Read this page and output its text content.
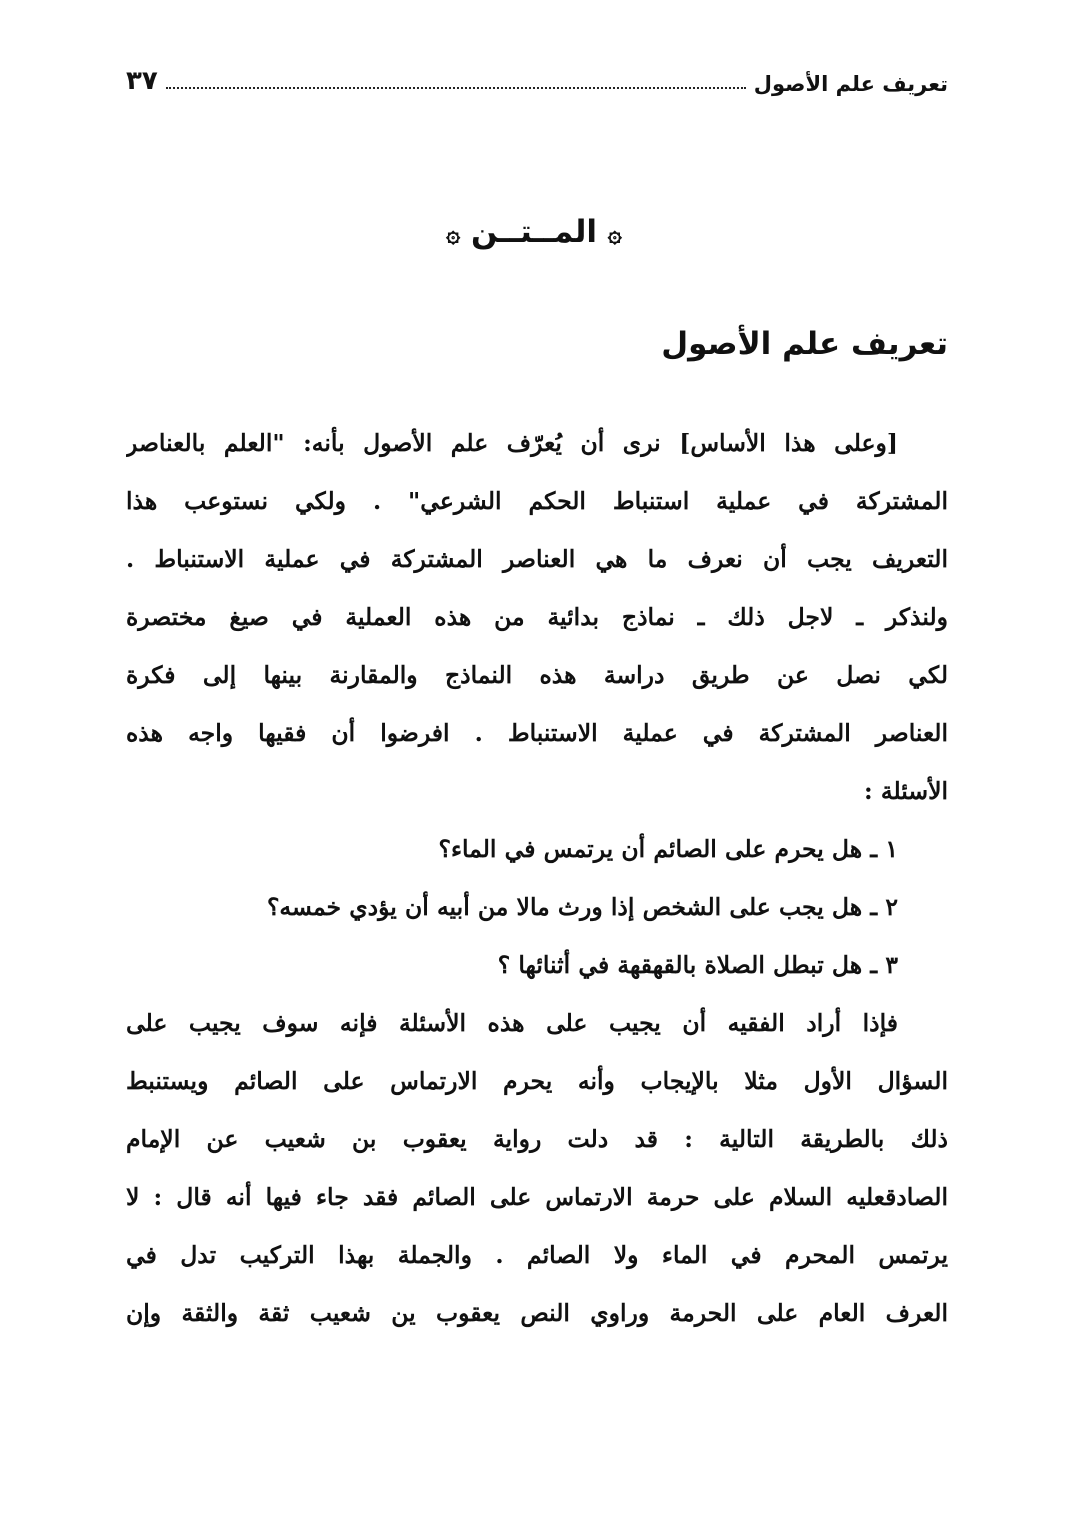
تعريف علم الأصول
٣٧
۞ المــتــن ۞
تعريف علم الأصول
[وعلى هذا الأساس] نرى أن يُعرّف علم الأصول بأنه: "العلم بالعناصر
المشتركة في عملية استنباط الحكم الشرعي" . ولكي نستوعب هذا
التعريف يجب أن نعرف ما هي العناصر المشتركة في عملية الاستنباط .
ولنذكر ـ لاجل ذلك ـ نماذج بدائية من هذه العملية في صيغ مختصرة
لكي نصل عن طريق دراسة هذه النماذج والمقارنة بينها إلى فكرة
العناصر المشتركة في عملية الاستنباط . افرضوا أن فقيها واجه هذه
الأسئلة :
١ ـ هل يحرم على الصائم أن يرتمس في الماء؟
٢ ـ هل يجب على الشخص إذا ورث مالا من أبيه أن يؤدي خمسه؟
٣ ـ هل تبطل الصلاة بالقهقهة في أثنائها ؟
فإذا أراد الفقيه أن يجيب على هذه الأسئلة فإنه سوف يجيب على
السؤال الأول مثلا بالإيجاب وأنه يحرم الارتماس على الصائم ويستنبط
ذلك بالطريقة التالية : قد دلت رواية يعقوب بن شعيب عن الإمام
الصادقعليه السلام على حرمة الارتماس على الصائم فقد جاء فيها أنه قال : لا
يرتمس المحرم في الماء ولا الصائم . والجملة بهذا التركيب تدل في
العرف العام على الحرمة وراوي النص يعقوب ين شعيب ثقة والثقة وإن
